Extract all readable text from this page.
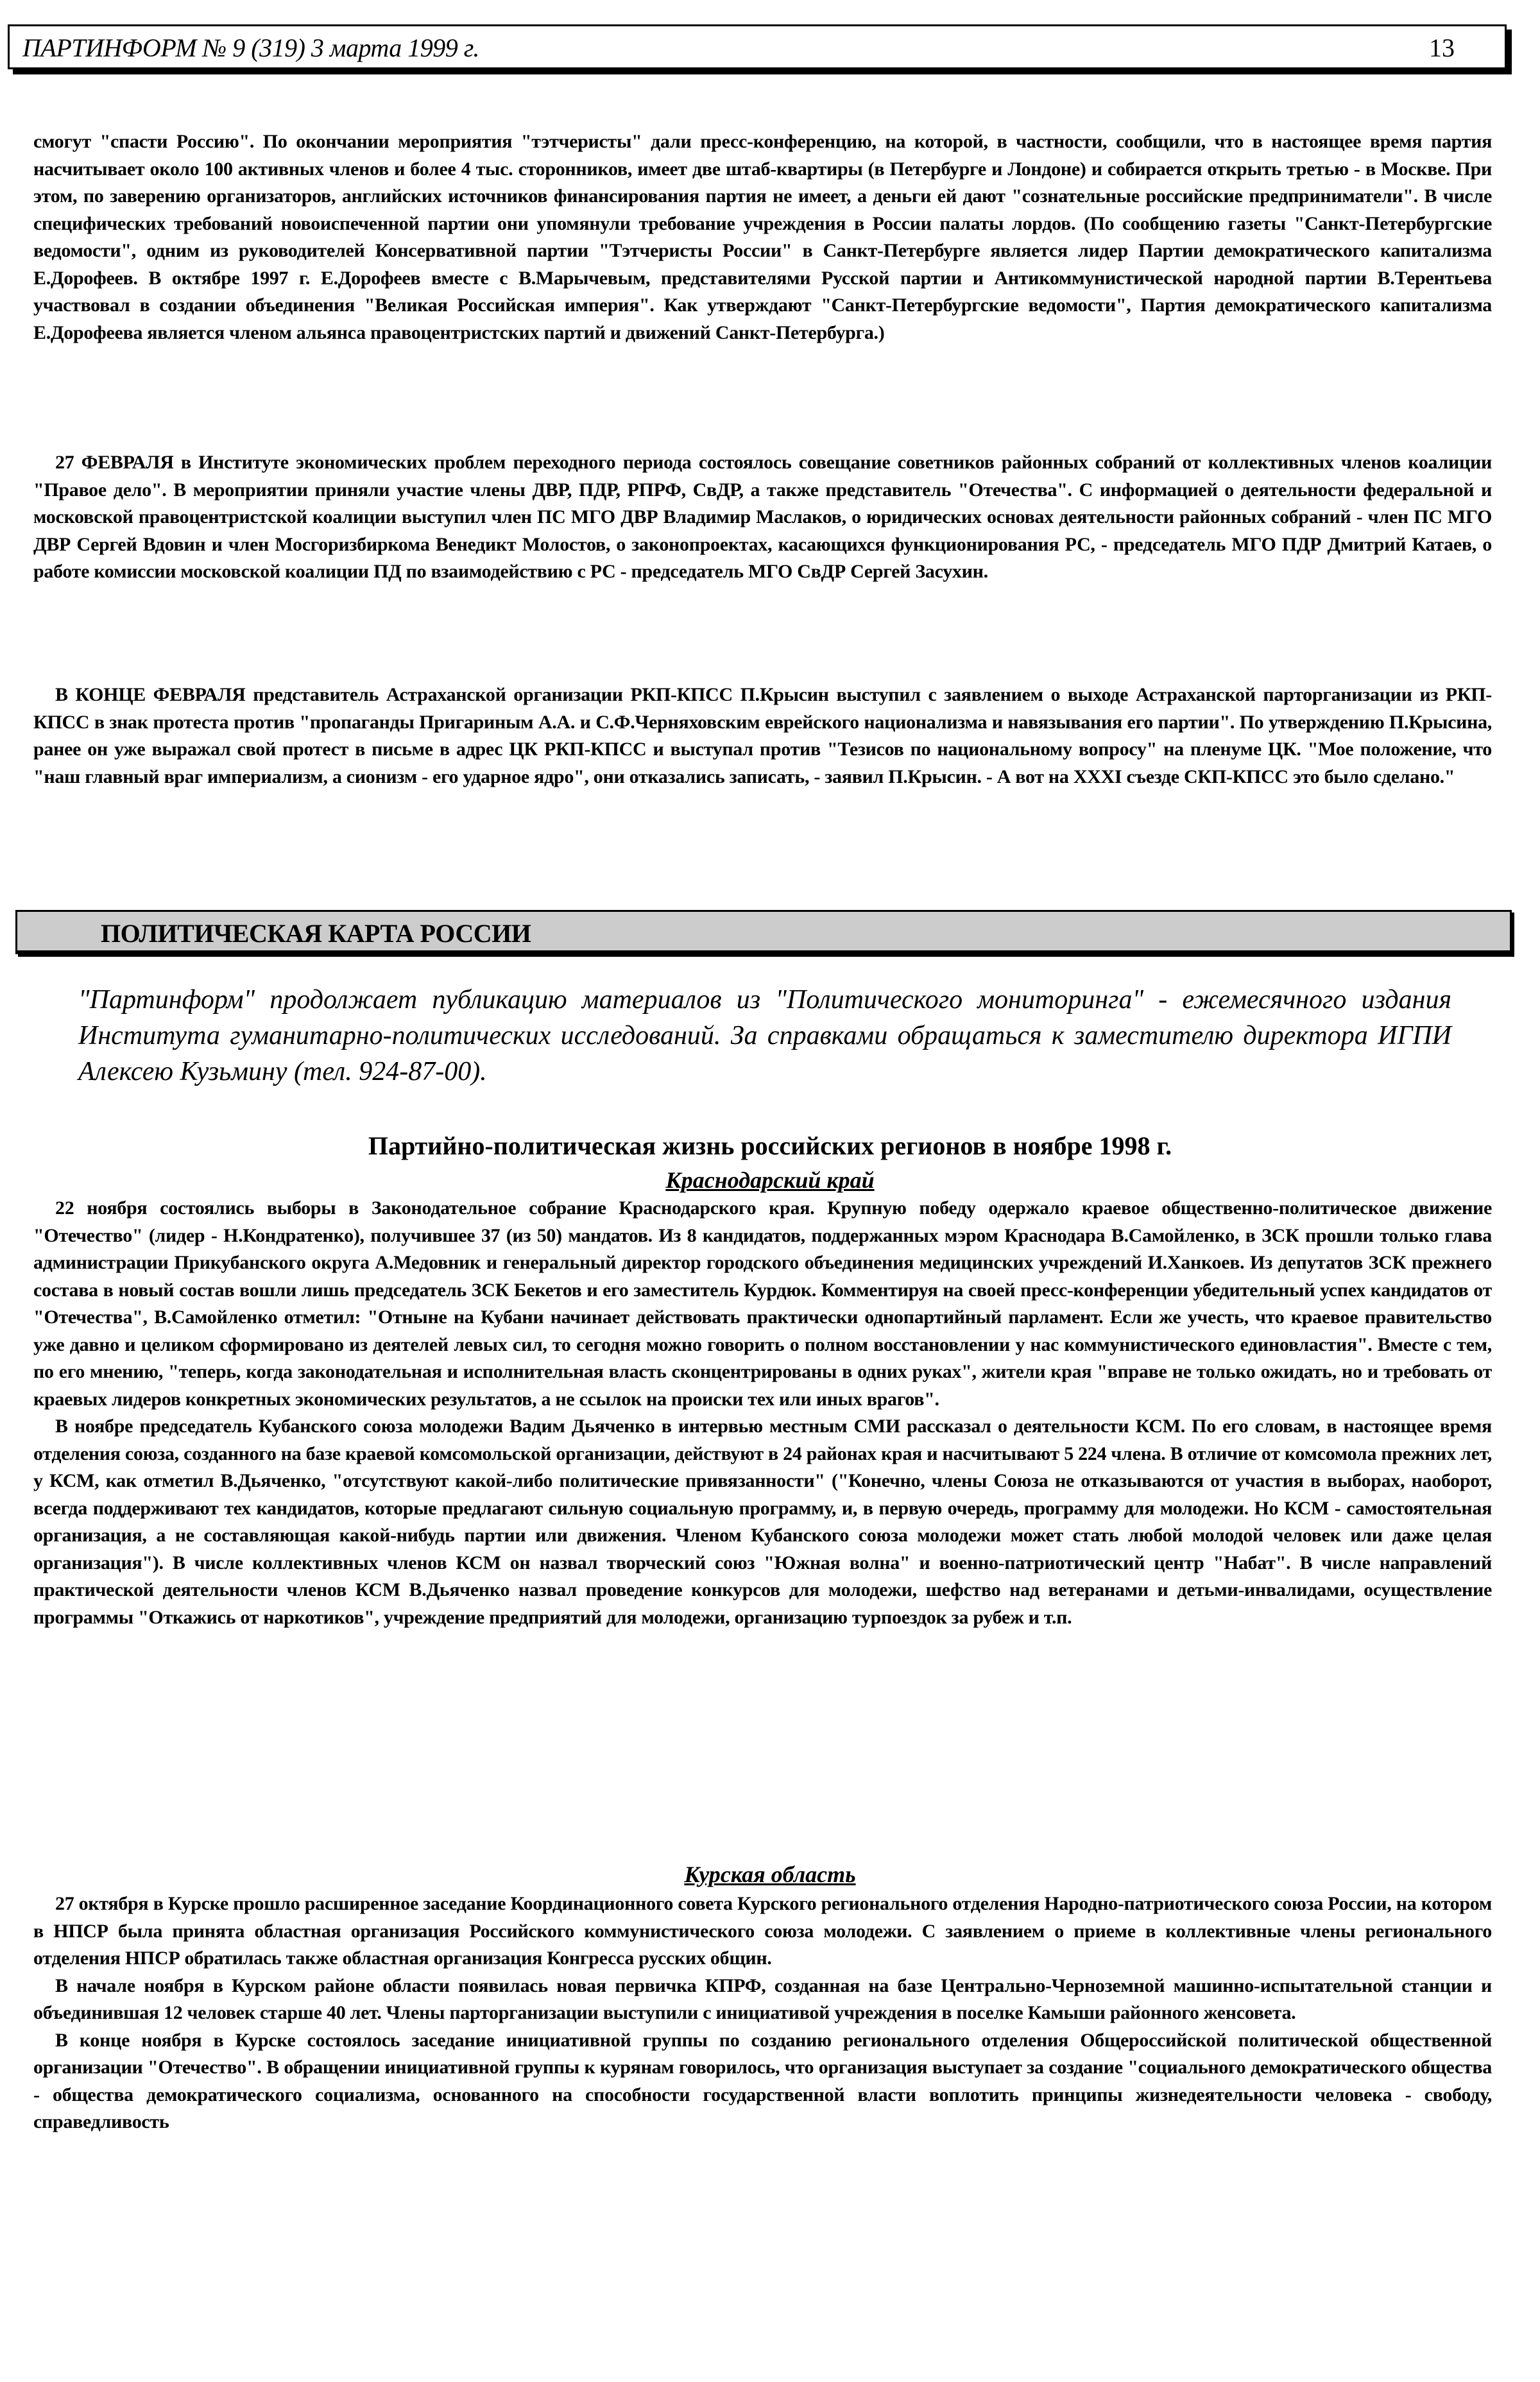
ПАРТИНФОРМ № 9 (319) 3 марта 1999 г.	13

смогут "спасти Россию". По окончании мероприятия "тэтчеристы" дали пресс-конференцию, на которой, в частности, сообщили, что в настоящее время партия насчитывает около 100 активных членов и более 4 тыс. сторонников, имеет две штаб-квартиры (в Петербурге и Лондоне) и собирается открыть третью - в Москве. При этом, по заверению организаторов, английских источников финансирования партия не имеет, а деньги ей дают "сознательные российские предприниматели". В числе специфических требований новоиспеченной партии они упомянули требование учреждения в России палаты лордов. (По сообщению газеты "Санкт-Петербургские ведомости", одним из руководителей Консервативной партии "Тэтчеристы России" в Санкт-Петербурге является лидер Партии демократического капитализма Е.Дорофеев. В октябре 1997 г. Е.Дорофеев вместе с В.Марычевым, представителями Русской партии и Антикоммунистической народной партии В.Терентьева участвовал в создании объединения "Великая Российская империя". Как утверждают "Санкт-Петербургские ведомости", Партия демократического капитализма Е.Дорофеева является членом альянса правоцентристских партий и движений Санкт-Петербурга.)

27 ФЕВРАЛЯ в Институте экономических проблем переходного периода состоялось совещание советников районных собраний от коллективных членов коалиции "Правое дело". В мероприятии приняли участие члены ДВР, ПДР, РПРФ, СвДР, а также представитель "Отечества". С информацией о деятельности федеральной и московской правоцентристской коалиции выступил член ПС МГО ДВР Владимир Маслаков, о юридических основах деятельности районных собраний - член ПС МГО ДВР Сергей Вдовин и член Мосгоризбиркома Венедикт Молостов, о законопроектах, касающихся функционирования РС, - председатель МГО ПДР Дмитрий Катаев, о работе комиссии московской коалиции ПД по взаимодействию с РС - председатель МГО СвДР Сергей Засухин.

В КОНЦЕ ФЕВРАЛЯ представитель Астраханской организации РКП-КПСС П.Крысин выступил с заявлением о выходе Астраханской парторганизации из РКП-КПСС в знак протеста против "пропаганды Пригариным А.А. и С.Ф.Черняховским еврейского национализма и навязывания его партии". По утверждению П.Крысина, ранее он уже выражал свой протест в письме в адрес ЦК РКП-КПСС и выступал против "Тезисов по национальному вопросу" на пленуме ЦК. "Мое положение, что "наш главный враг империализм, а сионизм - его ударное ядро", они отказались записать, - заявил П.Крысин. - А вот на XXXI съезде СКП-КПСС это было сделано."

ПОЛИТИЧЕСКАЯ КАРТА РОССИИ
"Партинформ" продолжает публикацию материалов из "Политического мониторинга" - ежемесячного издания Института гуманитарно-политических исследований. За справками обращаться к заместителю директора ИГПИ Алексею Кузьмину (тел. 924-87-00).
Партийно-политическая жизнь российских регионов в ноябре 1998 г.
Краснодарский край

22 ноября состоялись выборы в Законодательное собрание Краснодарского края. Крупную победу одержало краевое общественно-политическое движение "Отечество" (лидер - Н.Кондратенко), получившее 37 (из 50) мандатов. Из 8 кандидатов, поддержанных мэром Краснодара В.Самойленко, в ЗСК прошли только глава администрации Прикубанского округа А.Медовник и генеральный директор городского объединения медицинских учреждений И.Ханкоев. Из депутатов ЗСК прежнего состава в новый состав вошли лишь председатель ЗСК Бекетов и его заместитель Курдюк. Комментируя на своей пресс-конференции убедительный успех кандидатов от "Отечества", В.Самойленко отметил: "Отныне на Кубани начинает действовать практически однопартийный парламент. Если же учесть, что краевое правительство уже давно и целиком сформировано из деятелей левых сил, то сегодня можно говорить о полном восстановлении у нас коммунистического единовластия". Вместе с тем, по его мнению, "теперь, когда законодательная и исполнительная власть сконцентрированы в одних руках", жители края "вправе не только ожидать, но и требовать от краевых лидеров конкретных экономических результатов, а не ссылок на происки тех или иных врагов".

В ноябре председатель Кубанского союза молодежи Вадим Дьяченко в интервью местным СМИ рассказал о деятельности КСМ. По его словам, в настоящее время отделения союза, созданного на базе краевой комсомольской организации, действуют в 24 районах края и насчитывают 5 224 члена. В отличие от комсомола прежних лет, у КСМ, как отметил В.Дьяченко, "отсутствуют какой-либо политические привязанности" ("Конечно, члены Союза не отказываются от участия в выборах, наоборот, всегда поддерживают тех кандидатов, которые предлагают сильную социальную программу, и, в первую очередь, программу для молодежи. Но КСМ - самостоятельная организация, а не составляющая какой-нибудь партии или движения. Членом Кубанского союза молодежи может стать любой молодой человек или даже целая организация"). В числе коллективных членов КСМ он назвал творческий союз "Южная волна" и военно-патриотический центр "Набат". В числе направлений практической деятельности членов КСМ В.Дьяченко назвал проведение конкурсов для молодежи, шефство над ветеранами и детьми-инвалидами, осуществление программы "Откажись от наркотиков", учреждение предприятий для молодежи, организацию турпоездок за рубеж и т.п.

Курская область

27 октября в Курске прошло расширенное заседание Координационного совета Курского регионального отделения Народно-патриотического союза России, на котором в НПСР была принята областная организация Российского коммунистического союза молодежи. С заявлением о приеме в коллективные члены регионального отделения НПСР обратилась также областная организация Конгресса русских общин.

В начале ноября в Курском районе области появилась новая первичка КПРФ, созданная на базе Центрально-Черноземной машинно-испытательной станции и объединившая 12 человек старше 40 лет. Члены парторганизации выступили с инициативой учреждения в поселке Камыши районного женсовета.

В конце ноября в Курске состоялось заседание инициативной группы по созданию регионального отделения Общероссийской политической общественной организации "Отечество". В обращении инициативной группы к курянам говорилось, что организация выступает за создание "социального демократического общества - общества демократического социализма, основанного на способности государственной власти воплотить принципы жизнедеятельности человека - свободу, справедливость
